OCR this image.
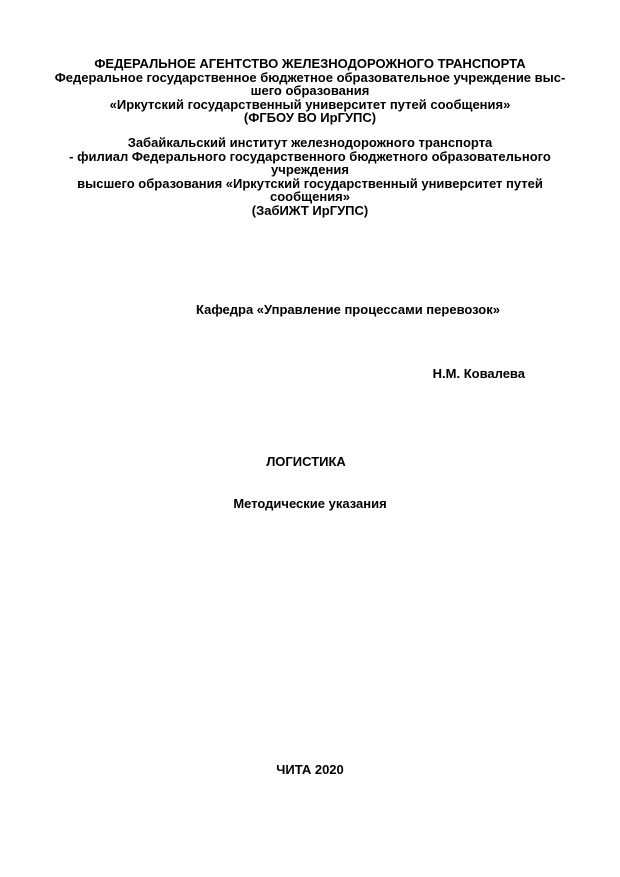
ФЕДЕРАЛЬНОЕ АГЕНТСТВО ЖЕЛЕЗНОДОРОЖНОГО ТРАНСПОРТА
Федеральное государственное бюджетное образовательное учреждение выс-
шего образования
«Иркутский государственный университет путей сообщения»
(ФГБОУ ВО ИрГУПС)
Забайкальский институт железнодорожного транспорта
- филиал Федерального государственного бюджетного образовательного
учреждения
высшего образования «Иркутский государственный университет путей
сообщения»
(ЗабИЖТ ИрГУПС)
Кафедра «Управление процессами перевозок»
Н.М. Ковалева
ЛОГИСТИКА
Методические указания
ЧИТА 2020
